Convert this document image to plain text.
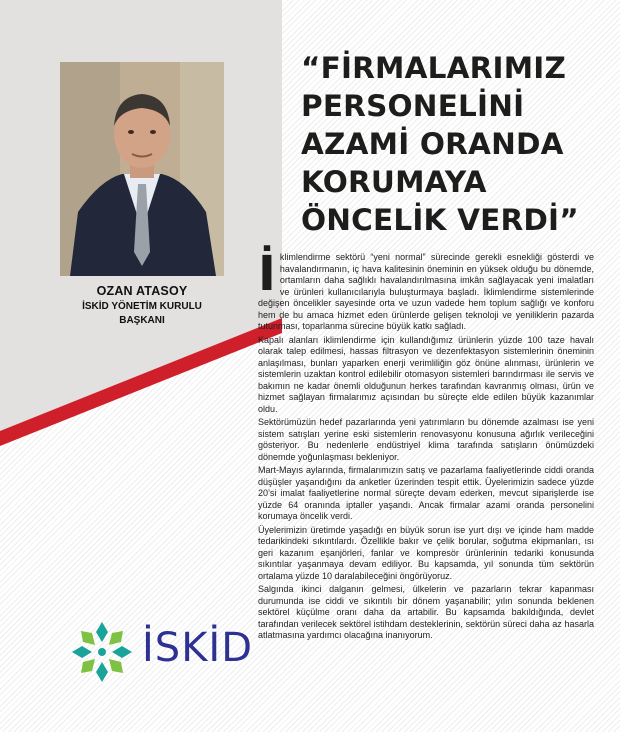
OZAN ATASOY
İSKİD YÖNETİM KURULU
BAŞKANI
“FİRMALARIMIZ
PERSONELİNİ
AZAMİ ORANDA
KORUMAYA
ÖNCELİK VERDİ”

İklimlendirme sektörü “yeni normal” sürecinde gerekli esnekliği gösterdi ve havalandırmanın, iç hava kalitesinin öneminin en yüksek olduğu bu dönemde, ortamların daha sağlıklı havalandırılmasına imkân sağlayacak yeni imalatları ve ürünleri kullanıcılarıyla buluşturmaya başladı. İklimlendirme sistemlerinde değişen öncelikler sayesinde orta ve uzun vadede hem toplum sağlığı ve konforu hem de bu amaca hizmet eden ürünlerde gelişen teknoloji ve yeniliklerin pazarda tutunması, toparlanma sürecine büyük katkı sağladı.

Kapalı alanları iklimlendirme için kullandığımız ürünlerin yüzde 100 taze havalı olarak talep edilmesi, hassas filtrasyon ve dezenfektasyon sistemlerinin öneminin anlaşılması, bunları yaparken enerji verimliliğin göz önüne alınması, ürünlerin ve sistemlerin uzaktan kontrol edilebilir otomasyon sistemleri barındırması ile servis ve bakımın ne kadar önemli olduğunun herkes tarafından kavranmış olması, ürün ve hizmet sağlayan firmalarımız açısından bu süreçte elde edilen büyük kazanımlar oldu.

Sektörümüzün hedef pazarlarında yeni yatırımların bu dönemde azalması ise yeni sistem satışları yerine eski sistemlerin renovasyonu konusuna ağırlık verileceğini gösteriyor. Bu nedenlerle endüstriyel klima tarafında satışların önümüzdeki dönemde yoğunlaşması bekleniyor.

Mart-Mayıs aylarında, firmalarımızın satış ve pazarlama faaliyetlerinde ciddi oranda düşüşler yaşandığını da anketler üzerinden tespit ettik. Üyelerimizin sadece yüzde 20’si imalat faaliyetlerine normal süreçte devam ederken, mevcut siparişlerde ise yüzde 64 oranında iptaller yaşandı. Ancak firmalar azami oranda personelini korumaya öncelik verdi.

Üyelerimizin üretimde yaşadığı en büyük sorun ise yurt dışı ve içinde ham madde tedarikindeki sıkıntılardı. Özellikle bakır ve çelik borular, soğutma ekipmanları, ısı geri kazanım eşanjörleri, fanlar ve kompresör ürünlerinin tedariki konusunda sıkıntılar yaşanmaya devam ediliyor. Bu kapsamda, yıl sonunda tüm sektörün ortalama yüzde 10 daralabileceğini öngörüyoruz.

Salgında ikinci dalganın gelmesi, ülkelerin ve pazarların tekrar kapanması durumunda ise ciddi ve sıkıntılı bir dönem yaşanabilir; yılın sonunda beklenen sektörel küçülme oranı daha da artabilir. Bu kapsamda bakıldığında, devlet tarafından verilecek sektörel istihdam desteklerinin, sektörün süreci daha az hasarla atlatmasına yardımcı olacağına inanıyorum.

İSKİD
